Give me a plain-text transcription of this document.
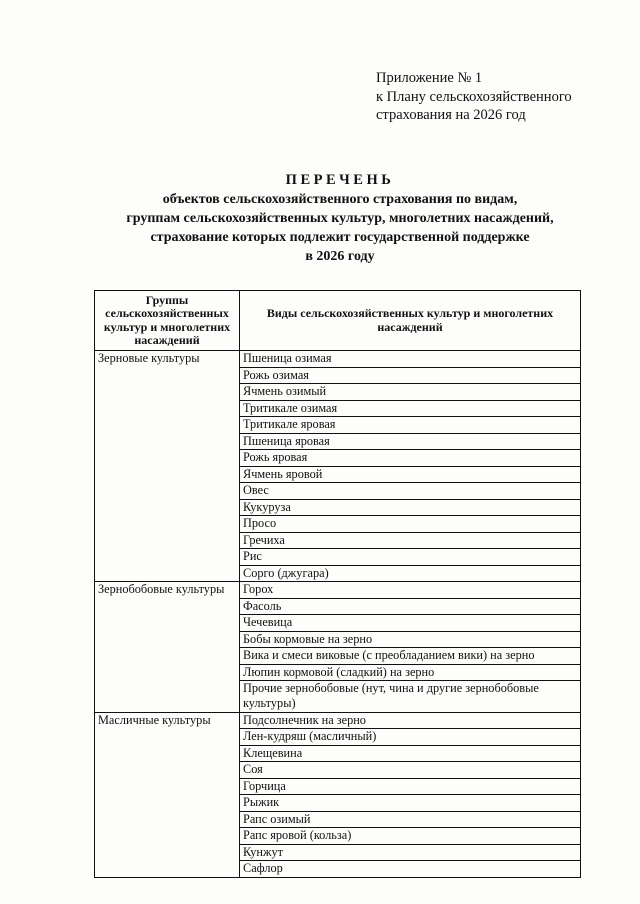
Приложение № 1
к Плану сельскохозяйственного
страхования на 2026 год
ПЕРЕЧЕНЬ
объектов сельскохозяйственного страхования по видам,
группам сельскохозяйственных культур, многолетних насаждений,
страхование которых подлежит государственной поддержке
в 2026 году
Группы сельскохозяйственных культур и многолетних насаждений	Виды сельскохозяйственных культур и многолетних насаждений
Зерновые культуры	Пшеница озимая
	Рожь озимая
	Ячмень озимый
	Тритикале озимая
	Тритикале яровая
	Пшеница яровая
	Рожь яровая
	Ячмень яровой
	Овес
	Кукуруза
	Просо
	Гречиха
	Рис
	Сорго (джугара)
Зернобобовые культуры	Горох
	Фасоль
	Чечевица
	Бобы кормовые на зерно
	Вика и смеси виковые (с преобладанием вики) на зерно
	Люпин кормовой (сладкий) на зерно
	Прочие зернобобовые (нут, чина и другие зернобобовые культуры)
Масличные культуры	Подсолнечник на зерно
	Лен-кудряш (масличный)
	Клещевина
	Соя
	Горчица
	Рыжик
	Рапс озимый
	Рапс яровой (кольза)
	Кунжут
	Сафлор
